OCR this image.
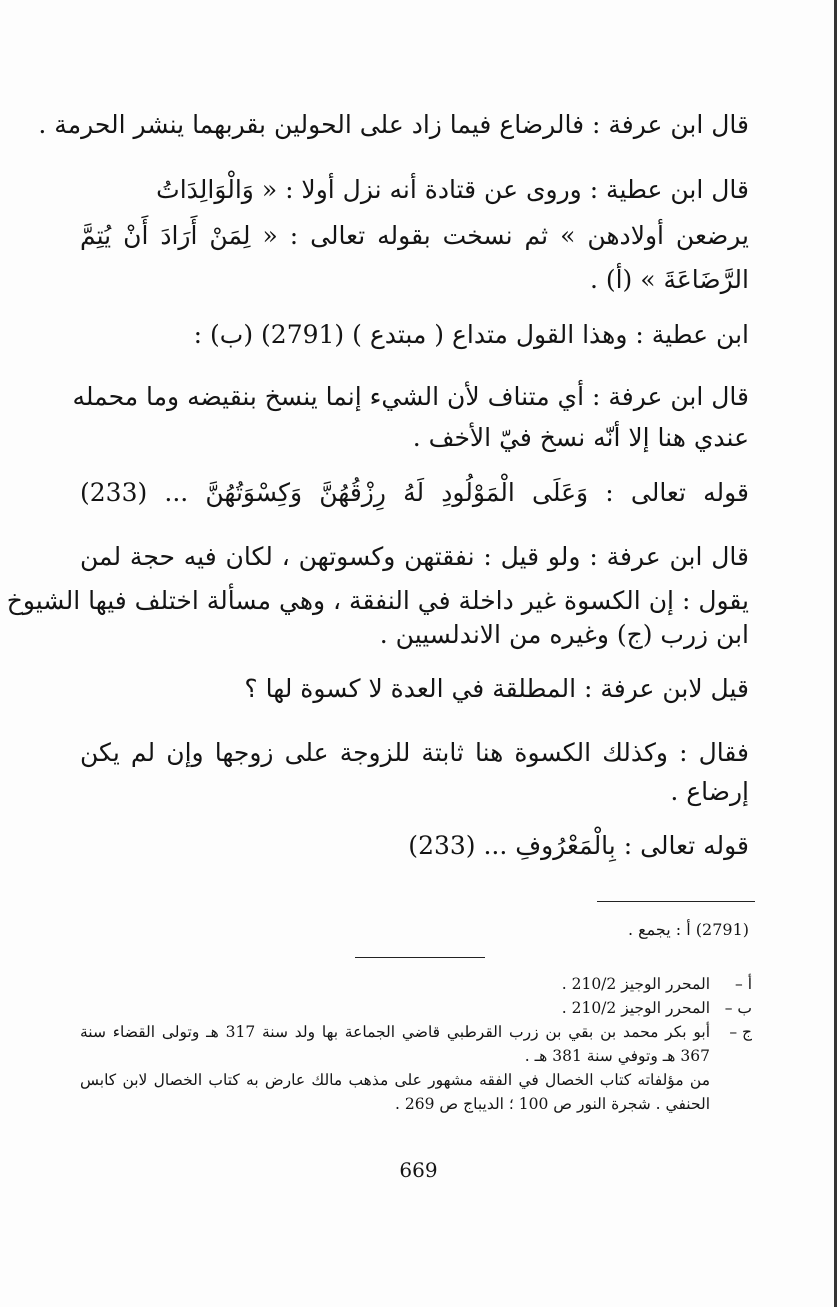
قال ابن عرفة : فالرضاع فيما زاد على الحولين بقربهما ينشر الحرمة .
قال ابن عطية : وروى عن قتادة أنه نزل أولا : « وَالْوَالِدَاتُ
يرضعن أولادهن » ثم نسخت بقوله تعالى : « لِمَنْ أَرَادَ أَنْ يُتِمَّ
الرَّضَاعَةَ » (أ) .
ابن عطية : وهذا القول متداع ( مبتدع ) (2791) (ب) :
قال ابن عرفة : أي متناف لأن الشيء إنما ينسخ بنقيضه وما محمله
عندي هنا إلا أنّه نسخ فيّ الأخف .
قوله تعالى : وَعَلَى الْمَوْلُودِ لَهُ رِزْقُهُنَّ وَكِسْوَتُهُنَّ ... (233)
قال ابن عرفة : ولو قيل : نفقتهن وكسوتهن ، لكان فيه حجة لمن
يقول : إن الكسوة غير داخلة في النفقة ، وهي مسألة اختلف فيها الشيوخ
ابن زرب (ج) وغيره من الاندلسيين .
قيل لابن عرفة : المطلقة في العدة لا كسوة لها ؟
فقال : وكذلك الكسوة هنا ثابتة للزوجة على زوجها وإن لم يكن
إرضاع .
قوله تعالى : بِالْمَعْرُوفِ ... (233)
(2791) أ : يجمع .
أ –
المحرر الوجيز 210/2 .
ب –
المحرر الوجيز 210/2 .
ج –
أبو بكر محمد بن بقي بن زرب القرطبي قاضي الجماعة بها ولد سنة 317 هـ وتولى القضاء سنة 367 هـ وتوفي سنة 381 هـ .
من مؤلفاته كتاب الخصال في الفقه مشهور على مذهب مالك عارض به كتاب الخصال لابن كابس الحنفي . شجرة النور ص 100 ؛ الديباج ص 269 .
669
